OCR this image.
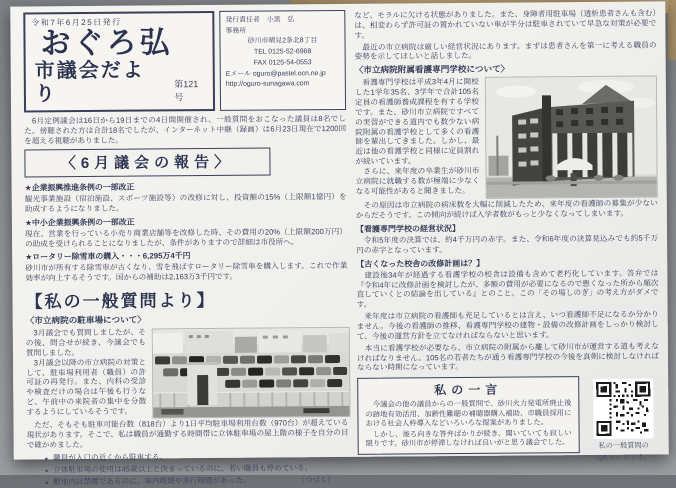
令和7年6月25日発行
おぐろ弘
市議会だより	第121号
発行責任者　小黒　弘
事務所
砂川市晴見2条北8丁目
TEL 0125-52-6968
FAX 0125-54-0553
Eメール oguro@pastel.ocn.ne.jp
http://oguro-sunagawa.com

　6月定例議会は16日から19日までの4日間開催され、一般質問をおこなった議員は8名でした。傍聴された方は合計18名でしたが、インターネット中継（録画）は6月23日現在で1200回を超える視聴がありました。

〈6月議会の報告〉
★企業振興推進条例の一部改正

観光事業施設（宿泊施設、スポーツ施設等）の改修に対し、投資額の15%（上限額1億円）を助成するようになりました。

★中小企業振興条例の一部改正

現在、営業を行っている小売り商業店舗等を改修した時、その費用の20%（上限額200万円）の助成を受けられることになりましたが、条件がありますので詳細は市役所へ。

★ロータリー除雪車の購入・・・6,295万4千円

砂川市が所有する除雪車が古くなり、雪を飛ばすロータリー除雪車を購入します。これで作業効率が向上するそうです。国からの補助は2,163万3千円です。

【私の一般質問より】
〈市立病院の駐車場について〉

　3月議会でも質問しましたが、その後、問合せが続き、今議会でも質問しました。
　3月議会以降の市立病院の対策として、駐車場利用者（職員）の許可証の再発行。また、内科の受診や検査だけの場合は午後も行うなど、午前中の来院者の集中を分散するようにしているそうです。

　ただ、そもそも駐車可能台数（818台）より1日平均駐車場利用台数（970台）が超えている現状があります。そこで、私は職員が通勤する時間帯に立体駐車場の屋上階の様子を自分の目で確かめました。

● 職員が入口の近くから駐車する。
● 立体駐車場の使用は45歳以上と決まっているのに、若い職員も停めている。
● 敷地内は禁煙であるのに、車内喫煙や歩行喫煙があった。	（つづく）

など、モラルに欠ける状態がありました。また、身障者用駐車場（透析患者さんも含む）は、相変わらず許可証の置かれていない車が半分は駐車されていて早急な対策が必要です。

　最近の市立病院は厳しい経営状況にあります。まずは患者さんを第一に考える職員の姿勢を示してほしいと話しました。

〈市立病院附属看護専門学校について〉

　看護専門学校は平成3年4月に開校した1学年35名、3学年で合計105名定員の看護師養成課程を有する学校です。また、砂川市立病院ですべての実習ができる道内でも数少ない病院附属の看護学校として多くの看護師を輩出してきました。しかし、最近は他の看護学校と同様に定員割れが続いています。
　さらに、来年度の卒業生が砂川市立病院に就職する数が極端に少なくなる可能性があると聞きました。

　その原因は市立病院の病床数を大幅に削減したため、来年度の看護師の募集が少ないからだそうです。この傾向が続けば入学者数がもっと少なくなってしまいます。

【看護専門学校の経営状況】

　令和5年度の決算では、約4千万円の赤字。また、令和6年度の決算見込みでも約5千万円の赤字となっています。

【古くなった校舎の改修計画は？】

　建設後34年が経過する看護学校の校舎は設備も含めて老朽化しています。答弁では『令和4年に改修計画を検討したが、多額の費用が必要になるので悪くなった所から順次直していくとの結論を出している』とのこと。この「その場しのぎ」の考え方がダメです。

　来年度は市立病院の看護師も充足しているとは言え、いつ看護師不足になるか分かりません。今後の看護師の推移、看護専門学校の建物・設備の改修計画をしっかり検討して、今後の運営方針を立てなければならないと思います。

　本当に看護学校が必要なら、市立病院の附属から離して砂川市が運営する道も考えなければなりません。105名の若者たちが通う看護専門学校の今後を真剣に検討しなければならない時期になっています。

私の一言

　今議会の他の議員からの一般質問で、砂川火力発電所廃止後の跡地有効活用、加齢性難聴の補聴器購入補助、市職員採用における社会人枠導入などいろいろな提案がありました。

　しかし、後ろ向きな答弁ばかりが続き、聞いていても寂しい限りです。砂川市が停滞しなければ良いがと思う議会でした。	私の一般質問の
QRコードです。
